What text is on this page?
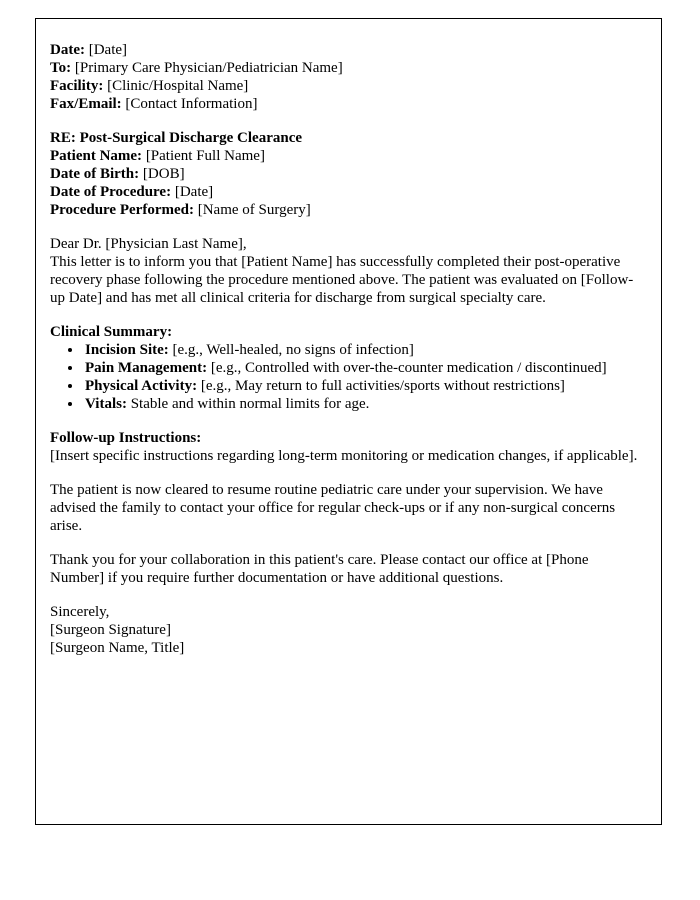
Date: [Date]

To: [Primary Care Physician/Pediatrician Name]

Facility: [Clinic/Hospital Name]

Fax/Email: [Contact Information]

RE: Post-Surgical Discharge Clearance

Patient Name: [Patient Full Name]

Date of Birth: [DOB]

Date of Procedure: [Date]

Procedure Performed: [Name of Surgery]

Dear Dr. [Physician Last Name],

This letter is to inform you that [Patient Name] has successfully completed their post-operative recovery phase following the procedure mentioned above. The patient was evaluated on [Follow-up Date] and has met all clinical criteria for discharge from surgical specialty care.

Clinical Summary:

• Incision Site: [e.g., Well-healed, no signs of infection]
• Pain Management: [e.g., Controlled with over-the-counter medication / discontinued]
• Physical Activity: [e.g., May return to full activities/sports without restrictions]
• Vitals: Stable and within normal limits for age.

Follow-up Instructions:

[Insert specific instructions regarding long-term monitoring or medication changes, if applicable].

The patient is now cleared to resume routine pediatric care under your supervision. We have advised the family to contact your office for regular check-ups or if any non-surgical concerns arise.

Thank you for your collaboration in this patient's care. Please contact our office at [Phone Number] if you require further documentation or have additional questions.

Sincerely,

[Surgeon Signature]

[Surgeon Name, Title]
